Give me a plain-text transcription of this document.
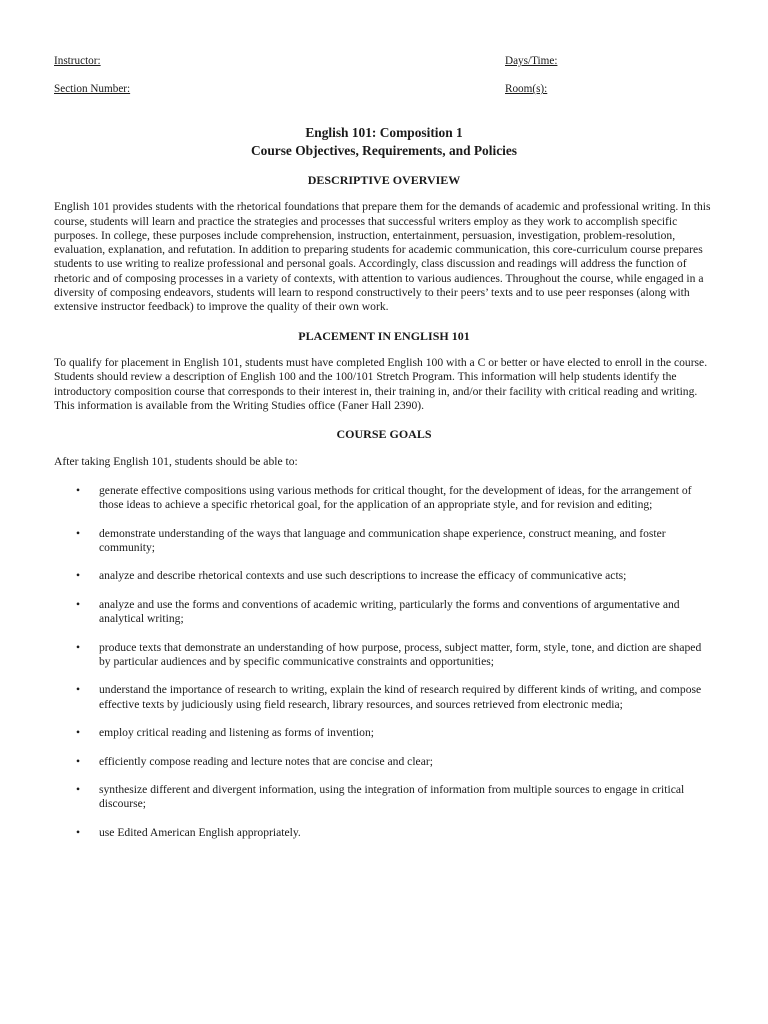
Instructor:	Days/Time:
Section Number:	Room(s):
English 101: Composition 1
Course Objectives, Requirements, and Policies
DESCRIPTIVE OVERVIEW

English 101 provides students with the rhetorical foundations that prepare them for the demands of academic and professional writing. In this course, students will learn and practice the strategies and processes that successful writers employ as they work to accomplish specific purposes. In college, these purposes include comprehension, instruction, entertainment, persuasion, investigation, problem-resolution, evaluation, explanation, and refutation. In addition to preparing students for academic communication, this core-curriculum course prepares students to use writing to realize professional and personal goals. Accordingly, class discussion and readings will address the function of rhetoric and of composing processes in a variety of contexts, with attention to various audiences. Throughout the course, while engaged in a diversity of composing endeavors, students will learn to respond constructively to their peers’ texts and to use peer responses (along with extensive instructor feedback) to improve the quality of their own work.

PLACEMENT IN ENGLISH 101

To qualify for placement in English 101, students must have completed English 100 with a C or better or have elected to enroll in the course. Students should review a description of English 100 and the 100/101 Stretch Program. This information will help students identify the introductory composition course that corresponds to their interest in, their training in, and/or their facility with critical reading and writing. This information is available from the Writing Studies office (Faner Hall 2390).

COURSE GOALS

After taking English 101, students should be able to:

• generate effective compositions using various methods for critical thought, for the development of ideas, for the arrangement of those ideas to achieve a specific rhetorical goal, for the application of an appropriate style, and for revision and editing;
• demonstrate understanding of the ways that language and communication shape experience, construct meaning, and foster community;
• analyze and describe rhetorical contexts and use such descriptions to increase the efficacy of communicative acts;
• analyze and use the forms and conventions of academic writing, particularly the forms and conventions of argumentative and analytical writing;
• produce texts that demonstrate an understanding of how purpose, process, subject matter, form, style, tone, and diction are shaped by particular audiences and by specific communicative constraints and opportunities;
• understand the importance of research to writing, explain the kind of research required by different kinds of writing, and compose effective texts by judiciously using field research, library resources, and sources retrieved from electronic media;
• employ critical reading and listening as forms of invention;
• efficiently compose reading and lecture notes that are concise and clear;
• synthesize different and divergent information, using the integration of information from multiple sources to engage in critical discourse;
• use Edited American English appropriately.
